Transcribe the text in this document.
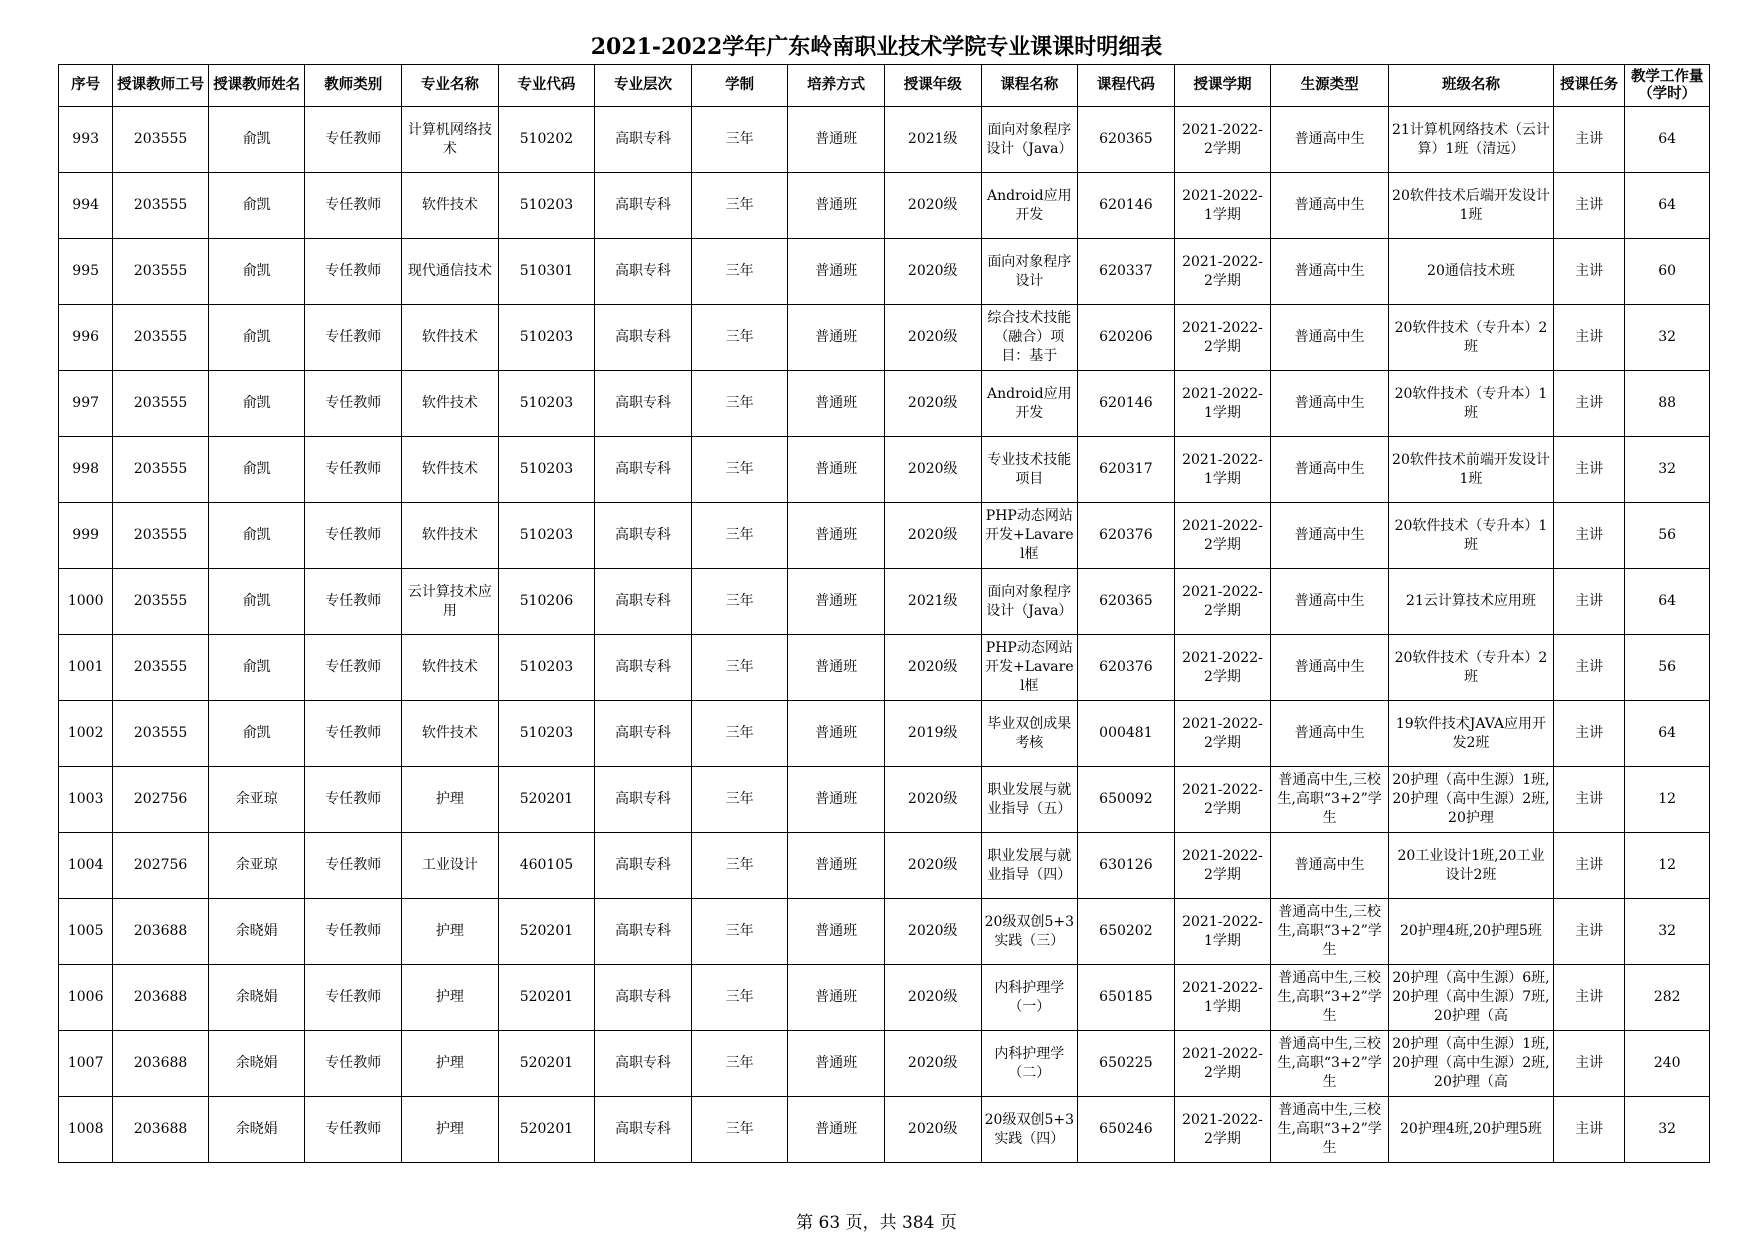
2021-2022学年广东岭南职业技术学院专业课课时明细表
序号	授课教师工号	授课教师姓名	教师类别	专业名称	专业代码	专业层次	学制	培养方式	授课年级	课程名称	课程代码	授课学期	生源类型	班级名称	授课任务	教学工作量（学时）

993	203555	俞凯	专任教师	计算机网络技术	510202	高职专科	三年	普通班	2021级	面向对象程序设计（Java）	620365	2021-2022-2学期	普通高中生	21计算机网络技术（云计算）1班（清远）	主讲	64

994	203555	俞凯	专任教师	软件技术	510203	高职专科	三年	普通班	2020级	Android应用开发	620146	2021-2022-1学期	普通高中生	20软件技术后端开发设计1班	主讲	64

995	203555	俞凯	专任教师	现代通信技术	510301	高职专科	三年	普通班	2020级	面向对象程序设计	620337	2021-2022-2学期	普通高中生	20通信技术班	主讲	60

996	203555	俞凯	专任教师	软件技术	510203	高职专科	三年	普通班	2020级	综合技术技能（融合）项目：基于	620206	2021-2022-2学期	普通高中生	20软件技术（专升本）2班	主讲	32

997	203555	俞凯	专任教师	软件技术	510203	高职专科	三年	普通班	2020级	Android应用开发	620146	2021-2022-1学期	普通高中生	20软件技术（专升本）1班	主讲	88

998	203555	俞凯	专任教师	软件技术	510203	高职专科	三年	普通班	2020级	专业技术技能项目	620317	2021-2022-1学期	普通高中生	20软件技术前端开发设计1班	主讲	32

999	203555	俞凯	专任教师	软件技术	510203	高职专科	三年	普通班	2020级	PHP动态网站开发+Lavarel框	620376	2021-2022-2学期	普通高中生	20软件技术（专升本）1班	主讲	56

1000	203555	俞凯	专任教师	云计算技术应用	510206	高职专科	三年	普通班	2021级	面向对象程序设计（Java）	620365	2021-2022-2学期	普通高中生	21云计算技术应用班	主讲	64

1001	203555	俞凯	专任教师	软件技术	510203	高职专科	三年	普通班	2020级	PHP动态网站开发+Lavarel框	620376	2021-2022-2学期	普通高中生	20软件技术（专升本）2班	主讲	56

1002	203555	俞凯	专任教师	软件技术	510203	高职专科	三年	普通班	2019级	毕业双创成果考核	000481	2021-2022-2学期	普通高中生	19软件技术JAVA应用开发2班	主讲	64

1003	202756	余亚琼	专任教师	护理	520201	高职专科	三年	普通班	2020级	职业发展与就业指导（五）	650092	2021-2022-2学期	普通高中生,三校生,高职“3+2”学生	20护理（高中生源）1班,20护理（高中生源）2班,20护理	主讲	12

1004	202756	余亚琼	专任教师	工业设计	460105	高职专科	三年	普通班	2020级	职业发展与就业指导（四）	630126	2021-2022-2学期	普通高中生	20工业设计1班,20工业设计2班	主讲	12

1005	203688	余晓娟	专任教师	护理	520201	高职专科	三年	普通班	2020级	20级双创5+3实践（三）	650202	2021-2022-1学期	普通高中生,三校生,高职“3+2”学生	20护理4班,20护理5班	主讲	32

1006	203688	余晓娟	专任教师	护理	520201	高职专科	三年	普通班	2020级	内科护理学（一）	650185	2021-2022-1学期	普通高中生,三校生,高职“3+2”学生	20护理（高中生源）6班,20护理（高中生源）7班,20护理（高	主讲	282

1007	203688	余晓娟	专任教师	护理	520201	高职专科	三年	普通班	2020级	内科护理学（二）	650225	2021-2022-2学期	普通高中生,三校生,高职“3+2”学生	20护理（高中生源）1班,20护理（高中生源）2班,20护理（高	主讲	240

1008	203688	余晓娟	专任教师	护理	520201	高职专科	三年	普通班	2020级	20级双创5+3实践（四）	650246	2021-2022-2学期	普通高中生,三校生,高职“3+2”学生	20护理4班,20护理5班	主讲	32
第 63 页，共 384 页
